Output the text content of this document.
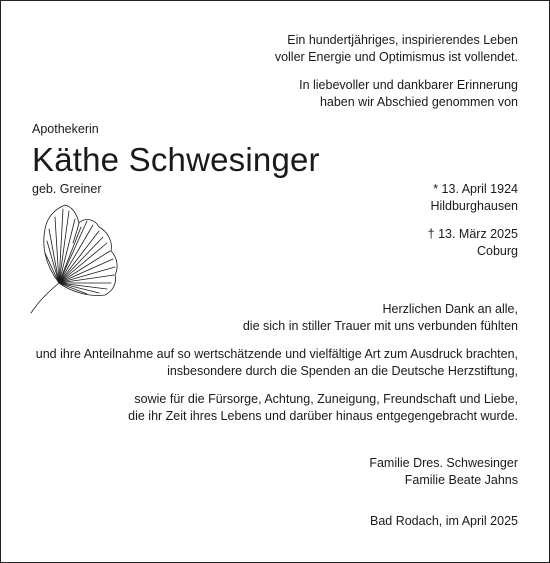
Ein hundertjähriges, inspirierendes Leben
voller Energie und Optimismus ist vollendet.
In liebevoller und dankbarer Erinnerung
haben wir Abschied genommen von
Apothekerin
Käthe Schwesinger
geb. Greiner	* 13. April 1924
Hildburghausen
† 13. März 2025
Coburg
Herzlichen Dank an alle,
die sich in stiller Trauer mit uns verbunden fühlten
und ihre Anteilnahme auf so wertschätzende und vielfältige Art zum Ausdruck brachten,
insbesondere durch die Spenden an die Deutsche Herzstiftung,
sowie für die Fürsorge, Achtung, Zuneigung, Freundschaft und Liebe,
die ihr Zeit ihres Lebens und darüber hinaus entgegengebracht wurde.
Familie Dres. Schwesinger
Familie Beate Jahns
Bad Rodach, im April 2025
